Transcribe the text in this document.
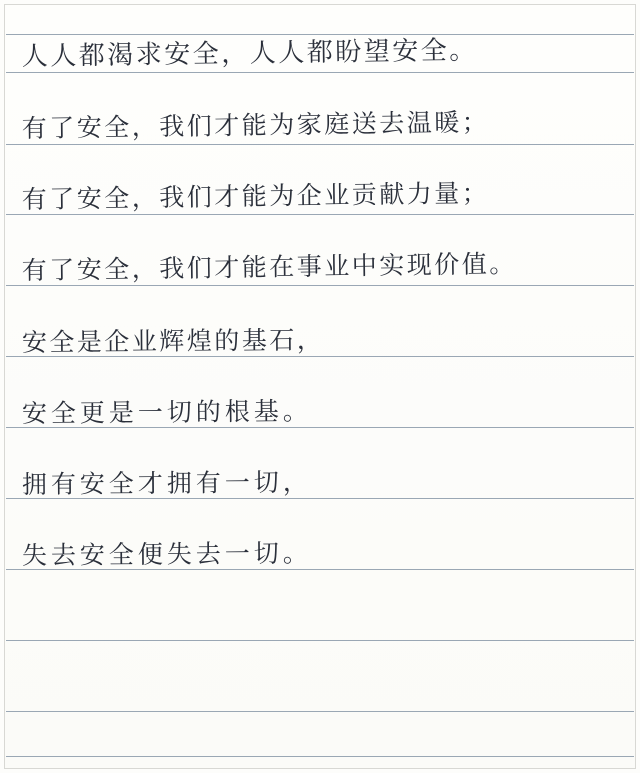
人人都渴求安全，人人都盼望安全。
有了安全，我们才能为家庭送去温暖；
有了安全，我们才能为企业贡献力量；
有了安全，我们才能在事业中实现价值。
安全是企业辉煌的基石，
安全更是一切的根基。
拥有安全才拥有一切，
失去安全便失去一切。
